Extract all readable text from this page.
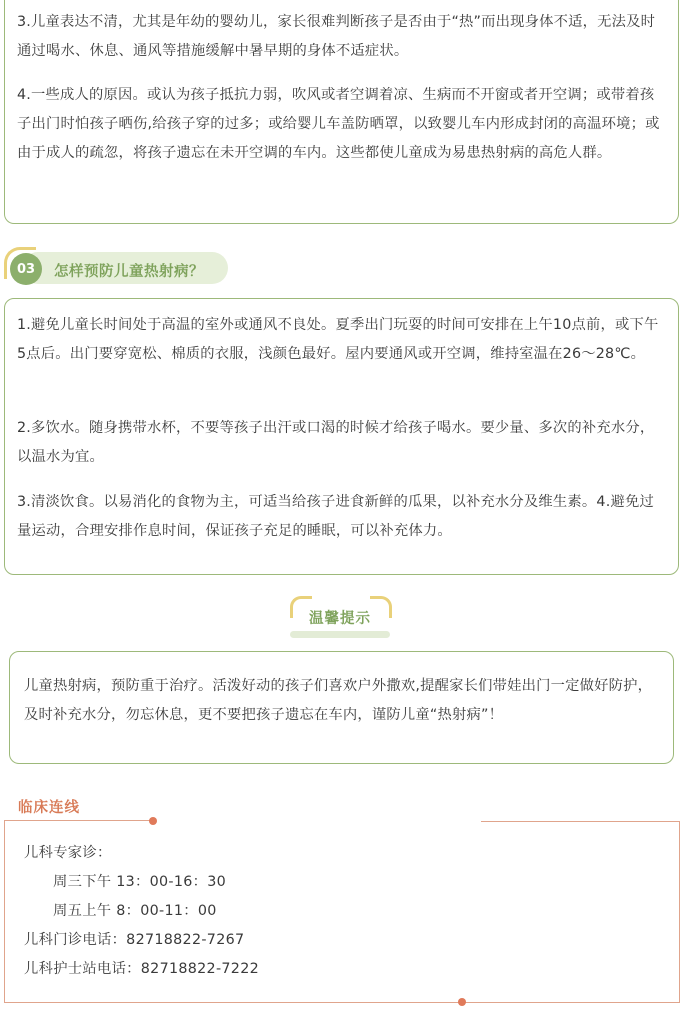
3.儿童表达不清，尤其是年幼的婴幼儿，家长很难判断孩子是否由于“热”而出现身体不适，无法及时通过喝水、休息、通风等措施缓解中暑早期的身体不适症状。

4.一些成人的原因。或认为孩子抵抗力弱，吹风或者空调着凉、生病而不开窗或者开空调；或带着孩子出门时怕孩子晒伤,给孩子穿的过多；或给婴儿车盖防晒罩，以致婴儿车内形成封闭的高温环境；或由于成人的疏忽，将孩子遗忘在未开空调的车内。这些都使儿童成为易患热射病的高危人群。

03	怎样预防儿童热射病？

1.避免儿童长时间处于高温的室外或通风不良处。夏季出门玩耍的时间可安排在上午10点前，或下午5点后。出门要穿宽松、棉质的衣服，浅颜色最好。屋内要通风或开空调，维持室温在26～28℃。

2.多饮水。随身携带水杯，不要等孩子出汗或口渴的时候才给孩子喝水。要少量、多次的补充水分，以温水为宜。

3.清淡饮食。以易消化的食物为主，可适当给孩子进食新鲜的瓜果，以补充水分及维生素。4.避免过量运动，合理安排作息时间，保证孩子充足的睡眠，可以补充体力。

温馨提示

儿童热射病，预防重于治疗。活泼好动的孩子们喜欢户外撒欢,提醒家长们带娃出门一定做好防护，及时补充水分，勿忘休息，更不要把孩子遗忘在车内，谨防儿童“热射病”！

临床连线
儿科专家诊：
周三下午 13：00-16：30
周五上午 8：00-11：00
儿科门诊电话：82718822-7267
儿科护士站电话：82718822-7222
